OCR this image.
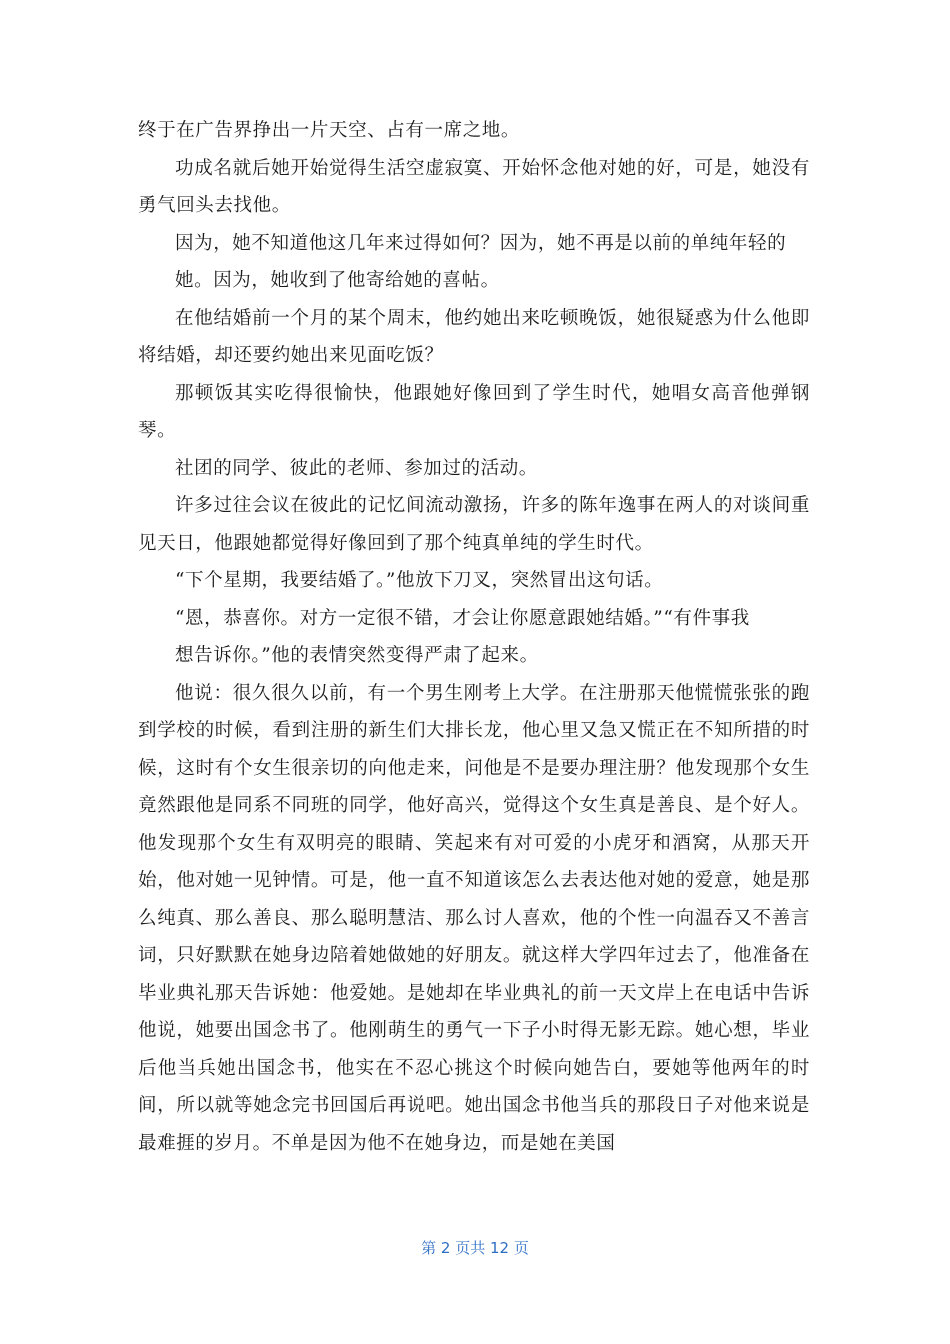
终于在广告界挣出一片天空、占有一席之地。

功成名就后她开始觉得生活空虚寂寞、开始怀念他对她的好，可是，她没有勇气回头去找他。

因为，她不知道他这几年来过得如何？因为，她不再是以前的单纯年轻的

她。因为，她收到了他寄给她的喜帖。

在他结婚前一个月的某个周末，他约她出来吃顿晚饭，她很疑惑为什么他即将结婚，却还要约她出来见面吃饭？

那顿饭其实吃得很愉快，他跟她好像回到了学生时代，她唱女高音他弹钢琴。

社团的同学、彼此的老师、参加过的活动。

许多过往会议在彼此的记忆间流动激扬，许多的陈年逸事在两人的对谈间重见天日，他跟她都觉得好像回到了那个纯真单纯的学生时代。

“下个星期，我要结婚了。”他放下刀叉，突然冒出这句话。

“恩，恭喜你。对方一定很不错，才会让你愿意跟她结婚。”“有件事我

想告诉你。”他的表情突然变得严肃了起来。

他说：很久很久以前，有一个男生刚考上大学。在注册那天他慌慌张张的跑到学校的时候，看到注册的新生们大排长龙，他心里又急又慌正在不知所措的时候，这时有个女生很亲切的向他走来，问他是不是要办理注册？他发现那个女生竟然跟他是同系不同班的同学，他好高兴，觉得这个女生真是善良、是个好人。他发现那个女生有双明亮的眼睛、笑起来有对可爱的小虎牙和酒窝，从那天开始，他对她一见钟情。可是，他一直不知道该怎么去表达他对她的爱意，她是那么纯真、那么善良、那么聪明慧洁、那么讨人喜欢，他的个性一向温吞又不善言词，只好默默在她身边陪着她做她的好朋友。就这样大学四年过去了，他准备在毕业典礼那天告诉她：他爱她。是她却在毕业典礼的前一天文岸上在电话中告诉他说，她要出国念书了。他刚萌生的勇气一下子小时得无影无踪。她心想，毕业后他当兵她出国念书，他实在不忍心挑这个时候向她告白，要她等他两年的时间，所以就等她念完书回国后再说吧。她出国念书他当兵的那段日子对他来说是最难捱的岁月。不单是因为他不在她身边，而是她在美国

第 2 页共 12 页
